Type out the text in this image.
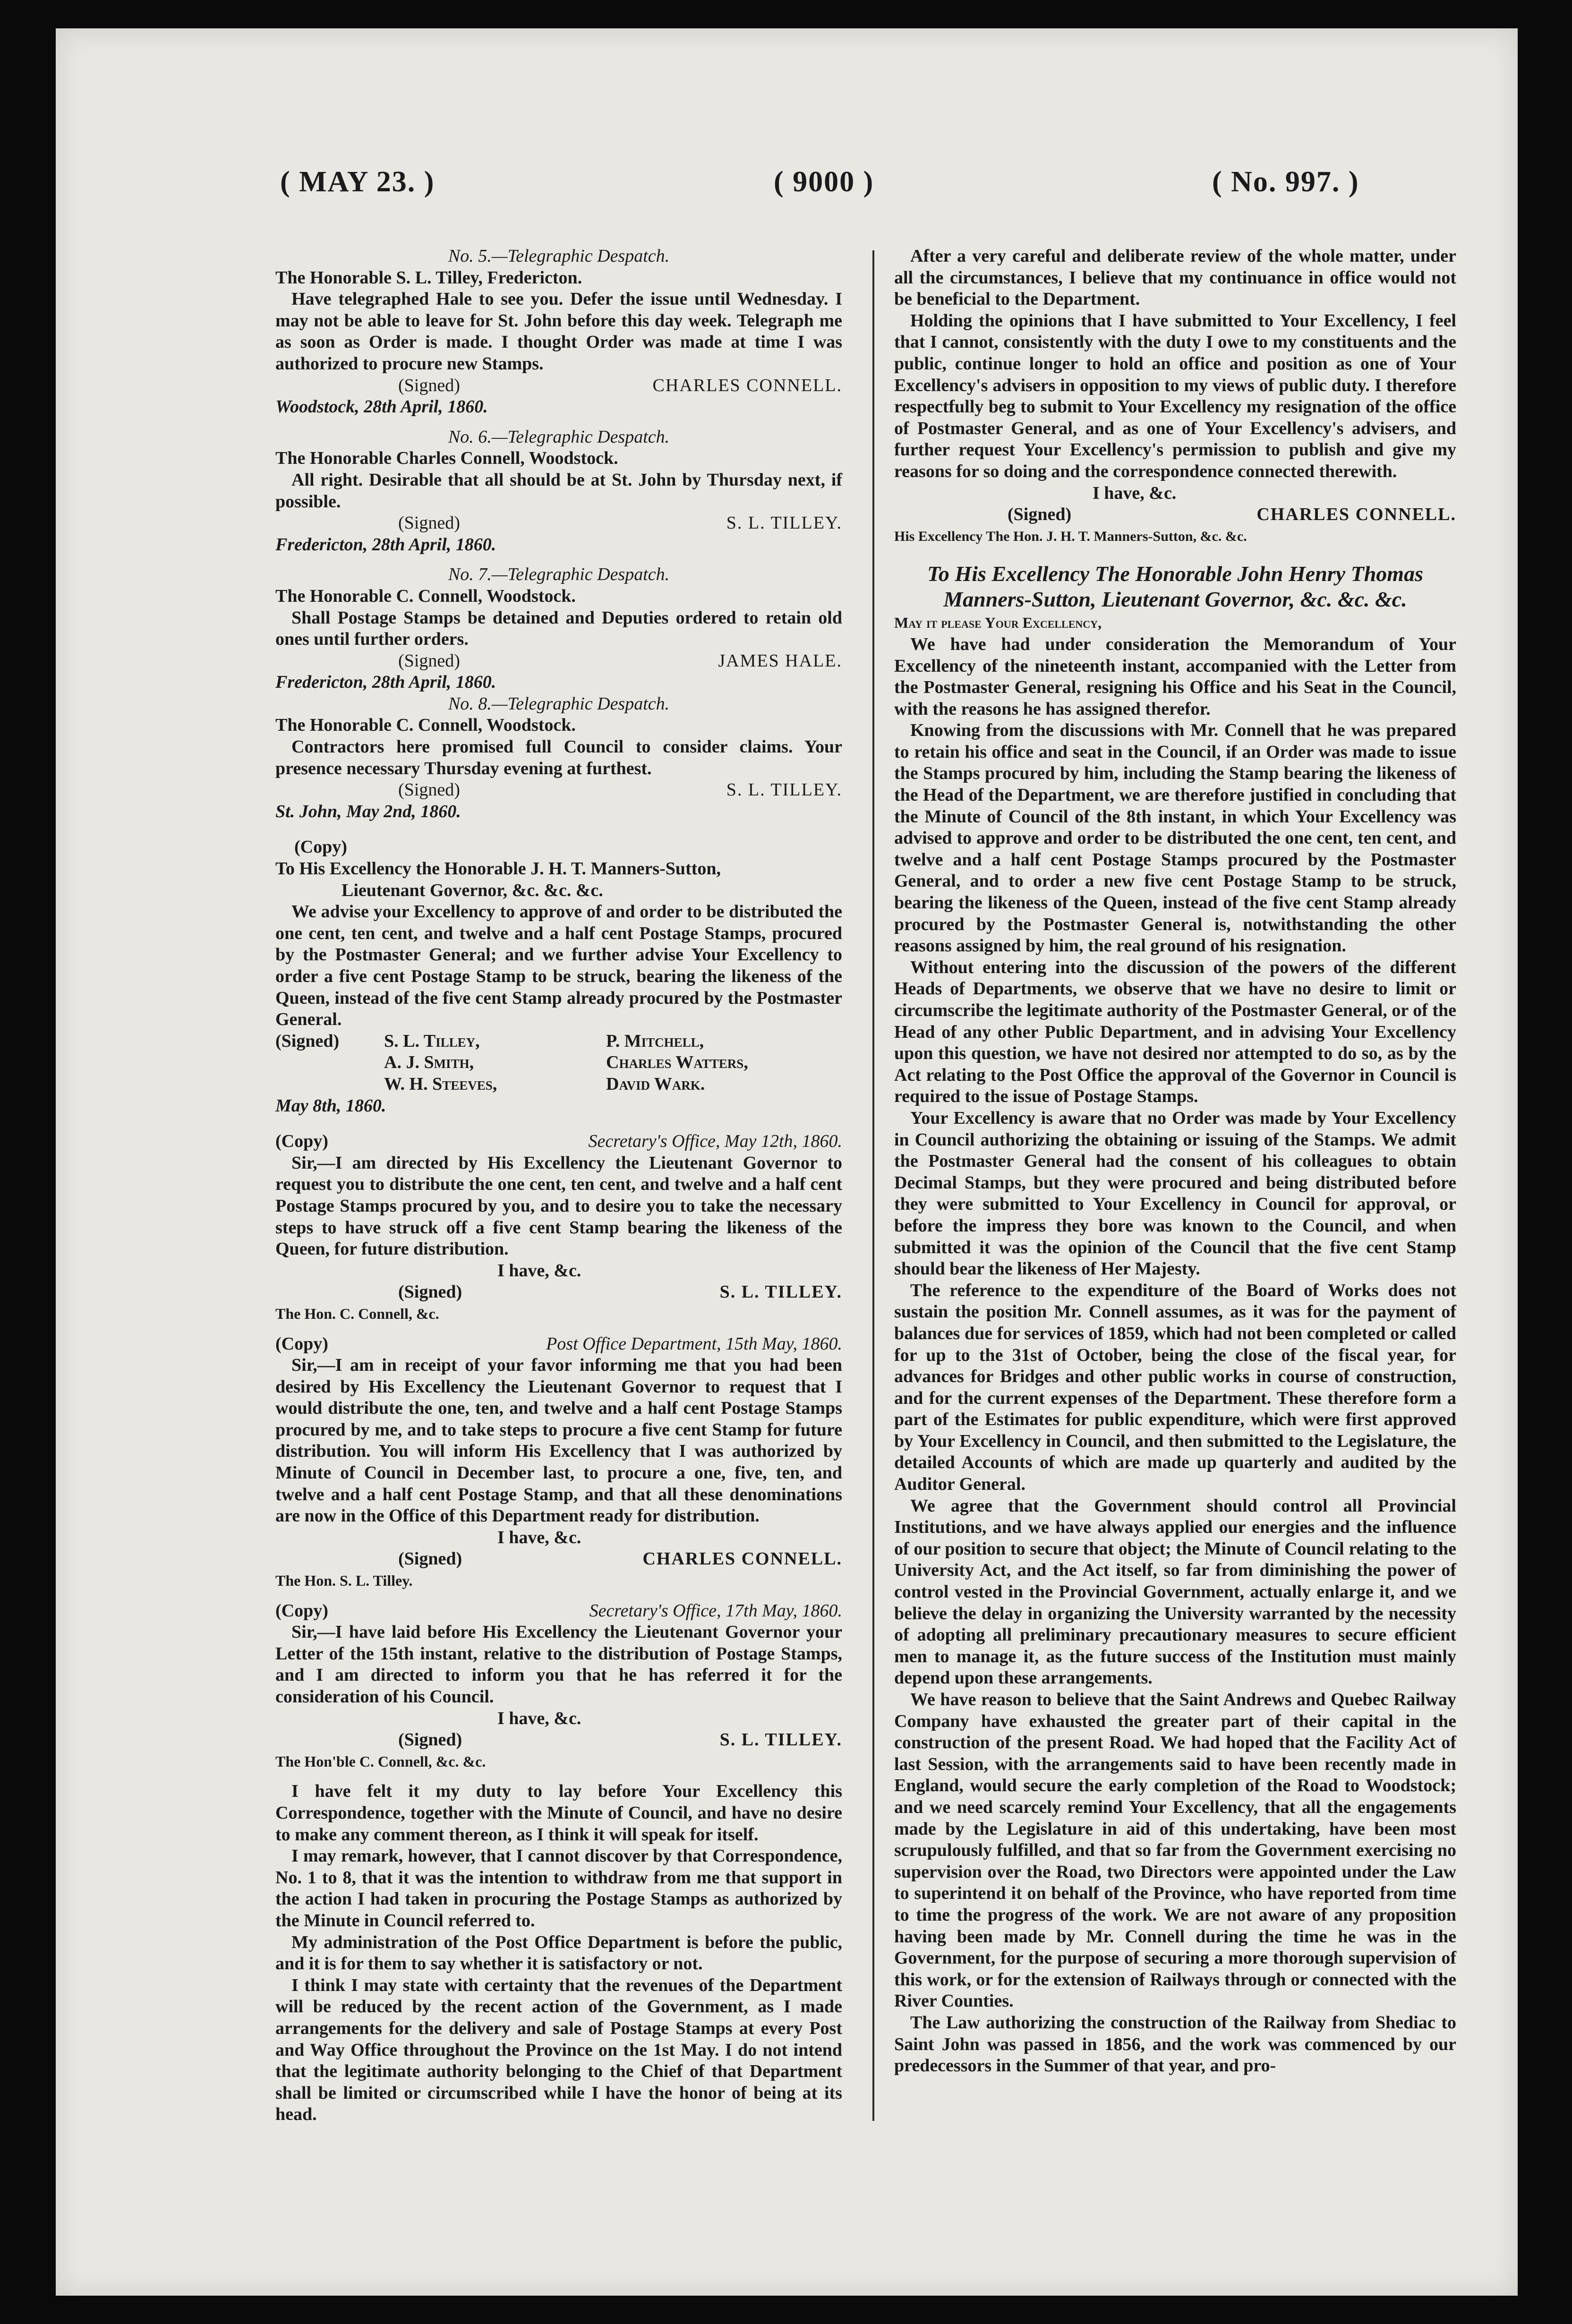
( MAY 23. )	( 9000 )	( No. 997. )

No. 5.—Telegraphic Despatch.

The Honorable S. L. Tilley, Fredericton.

Have telegraphed Hale to see you. Defer the issue until Wednesday. I may not be able to leave for St. John before this day week. Telegraph me as soon as Order is made. I thought Order was made at time I was authorized to procure new Stamps.

(Signed)	CHARLES CONNELL.

Woodstock, 28th April, 1860.

No. 6.—Telegraphic Despatch.

The Honorable Charles Connell, Woodstock.

All right. Desirable that all should be at St. John by Thursday next, if possible.

(Signed)	S. L. TILLEY.

Fredericton, 28th April, 1860.

No. 7.—Telegraphic Despatch.

The Honorable C. Connell, Woodstock.

Shall Postage Stamps be detained and Deputies ordered to retain old ones until further orders.

(Signed)	JAMES HALE.

Fredericton, 28th April, 1860.

No. 8.—Telegraphic Despatch.

The Honorable C. Connell, Woodstock.

Contractors here promised full Council to consider claims. Your presence necessary Thursday evening at furthest.

(Signed)	S. L. TILLEY.

St. John, May 2nd, 1860.

(Copy)

To His Excellency the Honorable J. H. T. Manners-Sutton,

Lieutenant Governor, &c. &c. &c.

We advise your Excellency to approve of and order to be distributed the one cent, ten cent, and twelve and a half cent Postage Stamps, procured by the Postmaster General; and we further advise Your Excellency to order a five cent Postage Stamp to be struck, bearing the likeness of the Queen, instead of the five cent Stamp already procured by the Postmaster General.

(Signed)	S. L. Tilley,	P. Mitchell,
A. J. Smith,	Charles Watters,
W. H. Steeves,	David Wark.

May 8th, 1860.

(Copy)	Secretary's Office, May 12th, 1860.

Sir,—I am directed by His Excellency the Lieutenant Governor to request you to distribute the one cent, ten cent, and twelve and a half cent Postage Stamps procured by you, and to desire you to take the necessary steps to have struck off a five cent Stamp bearing the likeness of the Queen, for future distribution.

I have, &c.

(Signed)	S. L. TILLEY.

The Hon. C. Connell, &c.

(Copy)	Post Office Department, 15th May, 1860.

Sir,—I am in receipt of your favor informing me that you had been desired by His Excellency the Lieutenant Governor to request that I would distribute the one, ten, and twelve and a half cent Postage Stamps procured by me, and to take steps to procure a five cent Stamp for future distribution. You will inform His Excellency that I was authorized by Minute of Council in December last, to procure a one, five, ten, and twelve and a half cent Postage Stamp, and that all these denominations are now in the Office of this Department ready for distribution.

I have, &c.

(Signed)	CHARLES CONNELL.

The Hon. S. L. Tilley.

(Copy)	Secretary's Office, 17th May, 1860.

Sir,—I have laid before His Excellency the Lieutenant Governor your Letter of the 15th instant, relative to the distribution of Postage Stamps, and I am directed to inform you that he has referred it for the consideration of his Council.

I have, &c.

(Signed)	S. L. TILLEY.

The Hon'ble C. Connell, &c. &c.

I have felt it my duty to lay before Your Excellency this Correspondence, together with the Minute of Council, and have no desire to make any comment thereon, as I think it will speak for itself.

I may remark, however, that I cannot discover by that Correspondence, No. 1 to 8, that it was the intention to withdraw from me that support in the action I had taken in procuring the Postage Stamps as authorized by the Minute in Council referred to.

My administration of the Post Office Department is before the public, and it is for them to say whether it is satisfactory or not.

I think I may state with certainty that the revenues of the Department will be reduced by the recent action of the Government, as I made arrangements for the delivery and sale of Postage Stamps at every Post and Way Office throughout the Province on the 1st May. I do not intend that the legitimate authority belonging to the Chief of that Department shall be limited or circumscribed while I have the honor of being at its head.

After a very careful and deliberate review of the whole matter, under all the circumstances, I believe that my continuance in office would not be beneficial to the Department.

Holding the opinions that I have submitted to Your Excellency, I feel that I cannot, consistently with the duty I owe to my constituents and the public, continue longer to hold an office and position as one of Your Excellency's advisers in opposition to my views of public duty. I therefore respectfully beg to submit to Your Excellency my resignation of the office of Postmaster General, and as one of Your Excellency's advisers, and further request Your Excellency's permission to publish and give my reasons for so doing and the correspondence connected therewith.

I have, &c.

(Signed)	CHARLES CONNELL.

His Excellency The Hon. J. H. T. Manners-Sutton, &c. &c.

To His Excellency The Honorable John Henry Thomas Manners-Sutton, Lieutenant Governor, &c. &c. &c.

May it please Your Excellency,

We have had under consideration the Memorandum of Your Excellency of the nineteenth instant, accompanied with the Letter from the Postmaster General, resigning his Office and his Seat in the Council, with the reasons he has assigned therefor.

Knowing from the discussions with Mr. Connell that he was prepared to retain his office and seat in the Council, if an Order was made to issue the Stamps procured by him, including the Stamp bearing the likeness of the Head of the Department, we are therefore justified in concluding that the Minute of Council of the 8th instant, in which Your Excellency was advised to approve and order to be distributed the one cent, ten cent, and twelve and a half cent Postage Stamps procured by the Postmaster General, and to order a new five cent Postage Stamp to be struck, bearing the likeness of the Queen, instead of the five cent Stamp already procured by the Postmaster General is, notwithstanding the other reasons assigned by him, the real ground of his resignation.

Without entering into the discussion of the powers of the different Heads of Departments, we observe that we have no desire to limit or circumscribe the legitimate authority of the Postmaster General, or of the Head of any other Public Department, and in advising Your Excellency upon this question, we have not desired nor attempted to do so, as by the Act relating to the Post Office the approval of the Governor in Council is required to the issue of Postage Stamps.

Your Excellency is aware that no Order was made by Your Excellency in Council authorizing the obtaining or issuing of the Stamps. We admit the Postmaster General had the consent of his colleagues to obtain Decimal Stamps, but they were procured and being distributed before they were submitted to Your Excellency in Council for approval, or before the impress they bore was known to the Council, and when submitted it was the opinion of the Council that the five cent Stamp should bear the likeness of Her Majesty.

The reference to the expenditure of the Board of Works does not sustain the position Mr. Connell assumes, as it was for the payment of balances due for services of 1859, which had not been completed or called for up to the 31st of October, being the close of the fiscal year, for advances for Bridges and other public works in course of construction, and for the current expenses of the Department. These therefore form a part of the Estimates for public expenditure, which were first approved by Your Excellency in Council, and then submitted to the Legislature, the detailed Accounts of which are made up quarterly and audited by the Auditor General.

We agree that the Government should control all Provincial Institutions, and we have always applied our energies and the influence of our position to secure that object; the Minute of Council relating to the University Act, and the Act itself, so far from diminishing the power of control vested in the Provincial Government, actually enlarge it, and we believe the delay in organizing the University warranted by the necessity of adopting all preliminary precautionary measures to secure efficient men to manage it, as the future success of the Institution must mainly depend upon these arrangements.

We have reason to believe that the Saint Andrews and Quebec Railway Company have exhausted the greater part of their capital in the construction of the present Road. We had hoped that the Facility Act of last Session, with the arrangements said to have been recently made in England, would secure the early completion of the Road to Woodstock; and we need scarcely remind Your Excellency, that all the engagements made by the Legislature in aid of this undertaking, have been most scrupulously fulfilled, and that so far from the Government exercising no supervision over the Road, two Directors were appointed under the Law to superintend it on behalf of the Province, who have reported from time to time the progress of the work. We are not aware of any proposition having been made by Mr. Connell during the time he was in the Government, for the purpose of securing a more thorough supervision of this work, or for the extension of Railways through or connected with the River Counties.

The Law authorizing the construction of the Railway from Shediac to Saint John was passed in 1856, and the work was commenced by our predecessors in the Summer of that year, and pro-
